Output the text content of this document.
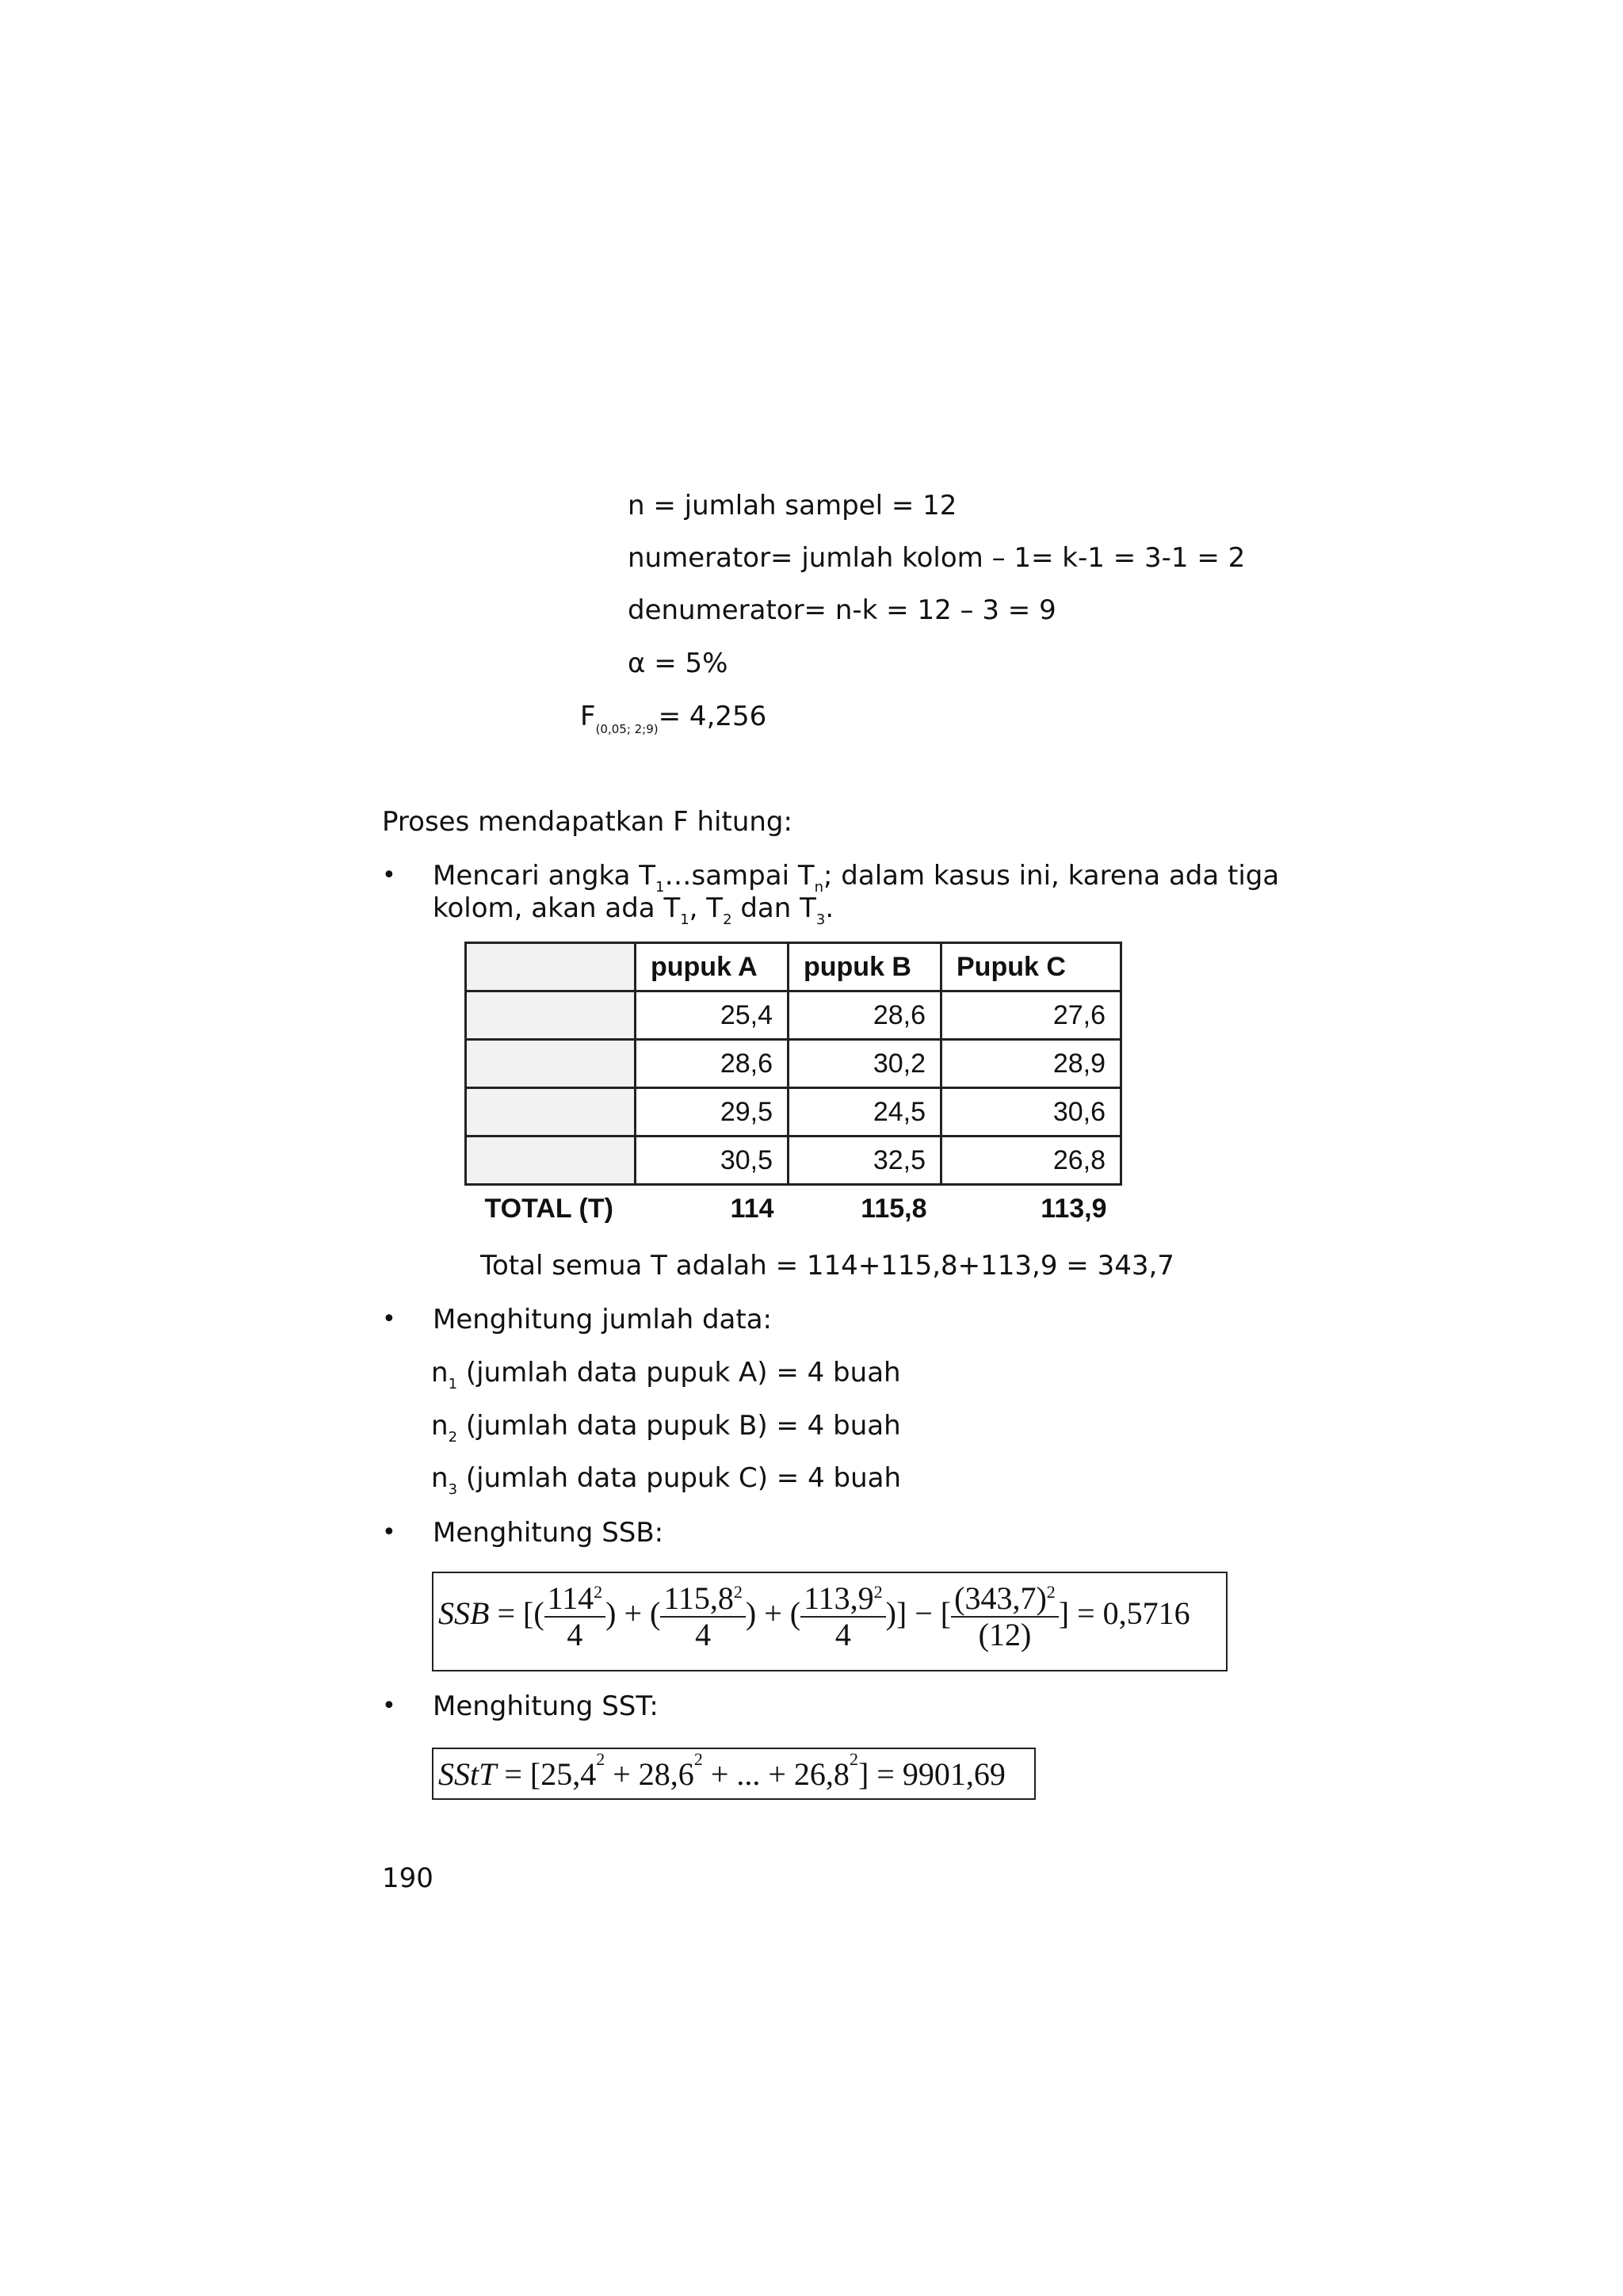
n = jumlah sampel = 12
numerator= jumlah kolom – 1= k-1 = 3-1 = 2
denumerator= n-k = 12 – 3 = 9
α = 5%
$F_{(0,05; 2;9)}= 4,256$
Proses mendapatkan F hitung:
• Mencari angka $T_1\dots sampai$ $T_n$; dalam kasus ini, karena ada tiga
kolom, akan ada $T_1$, $T_2$ dan $T_3$.
	pupuk A	pupuk B	Pupuk C
	25,4	28,6	27,6
	28,6	30,2	28,9
	29,5	24,5	30,6
	30,5	32,5	26,8
TOTAL (T)	114	115,8	113,9
Total semua T adalah = 114+115,8+113,9 = 343,7
• Menghitung jumlah data:
$n_1$ (jumlah data pupuk A) = 4 buah
$n_2$ (jumlah data pupuk B) = 4 buah
$n_3$ (jumlah data pupuk C) = 4 buah
• Menghitung SSB:
SSB = [( $\frac{114^2}{4}$ ) + ( $\frac{115,8^2}{4}$ ) + ( $\frac{113,9^2}{4}$ )] − [ $\frac{(343,7)^2}{(12)}$ ] = 0,5716
• Menghitung SST:
SStT = [$25,4^2 + 28,6^2$ + ... + $26,8^2] = 9901,69$
190
